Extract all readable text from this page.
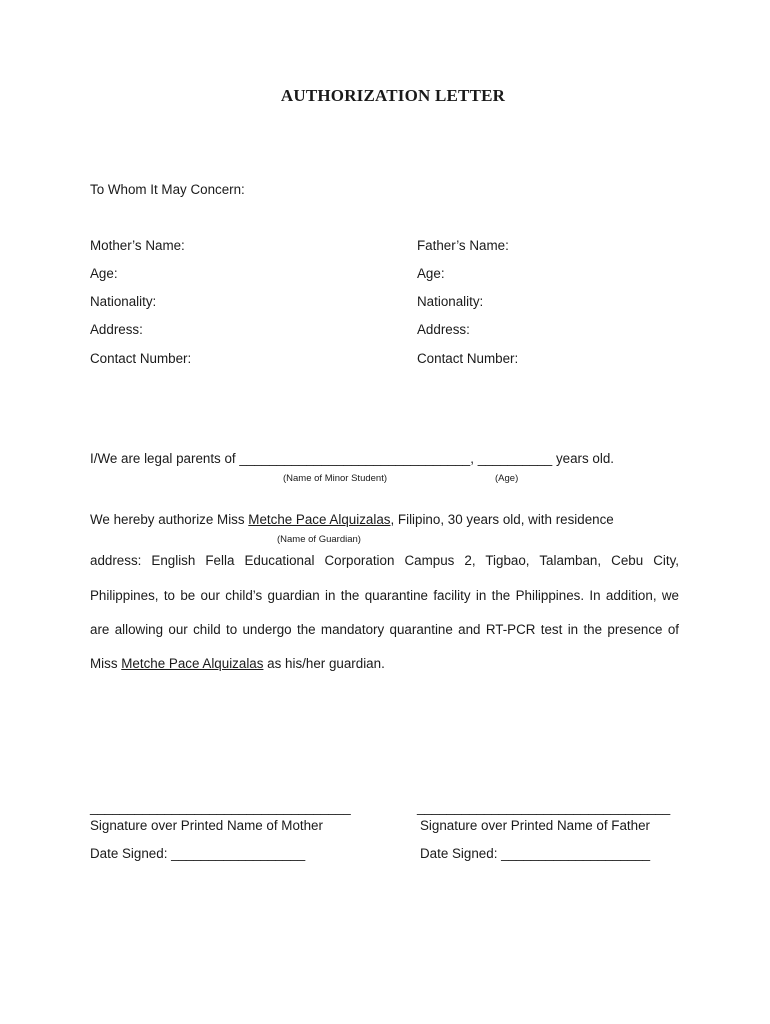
AUTHORIZATION LETTER
To Whom It May Concern:
Mother’s Name:
Age:
Nationality:
Address:
Contact Number:
Father’s Name:
Age:
Nationality:
Address:
Contact Number:
I/We are legal parents of _______________________________, __________ years old.
(Name of Minor Student)	(Age)
We hereby authorize Miss Metche Pace Alquizalas, Filipino, 30 years old, with residence
(Name of Guardian)
address: English Fella Educational Corporation Campus 2, Tigbao, Talamban, Cebu City,
Philippines, to be our child’s guardian in the quarantine facility in the Philippines. In addition, we
are allowing our child to undergo the mandatory quarantine and RT-PCR test in the presence of
Miss Metche Pace Alquizalas as his/her guardian.
___________________________________
Signature over Printed Name of Mother
Date Signed: __________________
__________________________________
Signature over Printed Name of Father
Date Signed: ____________________
